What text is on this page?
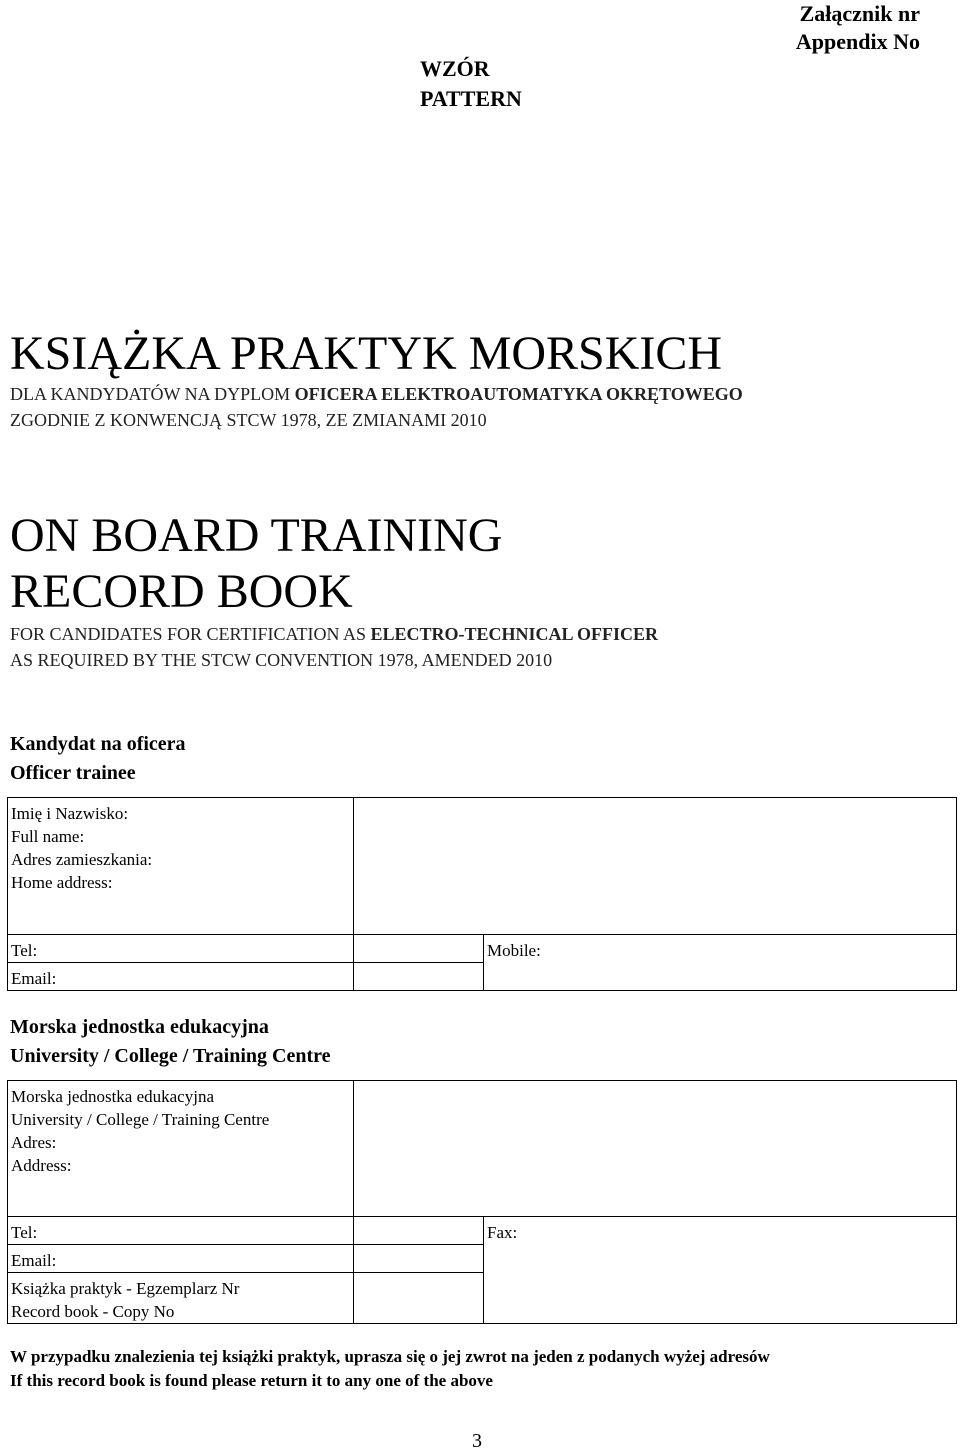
Załącznik nr
Appendix No
WZÓR
PATTERN
KSIĄŻKA PRAKTYK MORSKICH
DLA KANDYDATÓW NA DYPLOM OFICERA ELEKTROAUTOMATYKA OKRĘTOWEGO
ZGODNIE Z KONWENCJĄ STCW 1978, ZE ZMIANAMI 2010
ON BOARD TRAINING
RECORD BOOK
FOR CANDIDATES FOR CERTIFICATION AS ELECTRO-TECHNICAL OFFICER
AS REQUIRED BY THE STCW CONVENTION 1978, AMENDED 2010
Kandydat na oficera
Officer trainee
Imię i Nazwisko:
Full name:
Adres zamieszkania:
Home address:		

Tel:		Mobile:
Email:		
Morska jednostka edukacyjna
University / College / Training Centre
Morska jednostka edukacyjna
University / College / Training Centre
Adres:
Address:		

Tel:		Fax:
Email:		

Książka praktyk - Egzemplarz Nr
Record book - Copy No		

W przypadku znalezienia tej książki praktyk, uprasza się o jej zwrot na jeden z podanych wyżej adresów
If this record book is found please return it to any one of the above
3
